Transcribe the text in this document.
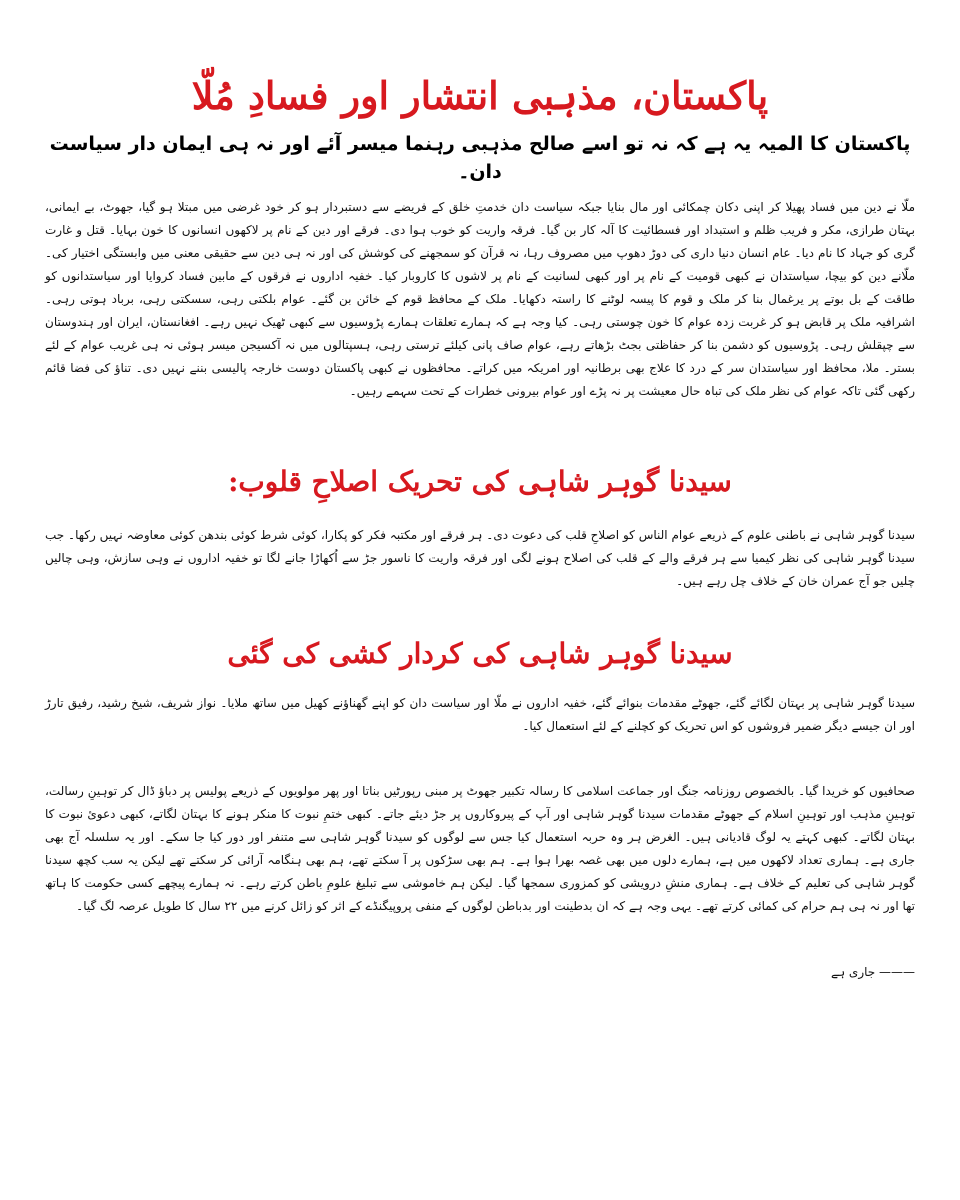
پاکستان، مذہبی انتشار اور فسادِ مُلّا
پاکستان کا المیہ یہ ہے کہ نہ تو اسے صالح مذہبی رہنما میسر آئے اور نہ ہی ایمان دار سیاست دان۔

ملّا نے دین میں فساد پھیلا کر اپنی دکان چمکائی اور مال بنایا جبکہ سیاست دان خدمتِ خلق کے فریضے سے دستبردار ہو کر خود غرضی میں مبتلا ہو گیا، جھوٹ، بے ایمانی، بہتان طرازی، مکر و فریب ظلم و استبداد اور فسطائیت کا آلہ کار بن گیا۔ فرقہ واریت کو خوب ہوا دی۔ فرقے اور دین کے نام پر لاکھوں انسانوں کا خون بہایا۔ قتل و غارت گری کو جہاد کا نام دیا۔ عام انسان دنیا داری کی دوڑ دھوپ میں مصروف رہا، نہ قرآن کو سمجھنے کی کوشش کی اور نہ ہی دین سے حقیقی معنی میں وابستگی اختیار کی۔ ملّانے دین کو بیچا، سیاستدان نے کبھی قومیت کے نام پر اور کبھی لسانیت کے نام پر لاشوں کا کاروبار کیا۔ خفیہ اداروں نے فرقوں کے مابین فساد کروایا اور سیاستدانوں کو طاقت کے بل بوتے پر یرغمال بنا کر ملک و قوم کا پیسہ لوٹنے کا راستہ دکھایا۔ ملک کے محافظ قوم کے خائن بن گئے۔ عوام بلکتی رہی، سسکتی رہی، برباد ہوتی رہی۔ اشرافیہ ملک پر قابض ہو کر غربت زدہ عوام کا خون چوستی رہی۔ کیا وجہ ہے کہ ہمارے تعلقات ہمارے پڑوسیوں سے کبھی ٹھیک نہیں رہے۔ افغانستان، ایران اور ہندوستان سے چپقلش رہی۔ پڑوسیوں کو دشمن بنا کر حفاظتی بجٹ بڑھاتے رہے، عوام صاف پانی کیلئے ترستی رہی، ہسپتالوں میں نہ آکسیجن میسر ہوئی نہ ہی غریب عوام کے لئے بستر۔ ملا، محافظ اور سیاستدان سر کے درد کا علاج بھی برطانیہ اور امریکہ میں کراتے۔ محافظوں نے کبھی پاکستان دوست خارجہ پالیسی بننے نہیں دی۔ تناؤ کی فضا قائم رکھی گئی تاکہ عوام کی نظر ملک کی تباہ حال معیشت پر نہ پڑے اور عوام بیرونی خطرات کے تحت سہمے رہیں۔

سیدنا گوہر شاہی کی تحریک اصلاحِ قلوب:

سیدنا گوہر شاہی نے باطنی علوم کے ذریعے عوام الناس کو اصلاحِ قلب کی دعوت دی۔ ہر فرقے اور مکتبہ فکر کو پکارا، کوئی شرط کوئی بندھن کوئی معاوضہ نہیں رکھا۔ جب سیدنا گوہر شاہی کی نظر کیمیا سے ہر فرقے والے کے قلب کی اصلاح ہونے لگی اور فرقہ واریت کا ناسور جڑ سے اُکھاڑا جانے لگا تو خفیہ اداروں نے وہی سازش، وہی چالیں چلیں جو آج عمران خان کے خلاف چل رہے ہیں۔

سیدنا گوہر شاہی کی کردار کشی کی گئی

سیدنا گوہر شاہی پر بہتان لگائے گئے، جھوٹے مقدمات بنوائے گئے، خفیہ اداروں نے ملّا اور سیاست دان کو اپنے گھناؤنے کھیل میں ساتھ ملایا۔ نواز شریف، شیخ رشید، رفیق تارڑ اور ان جیسے دیگر ضمیر فروشوں کو اس تحریک کو کچلنے کے لئے استعمال کیا۔

صحافیوں کو خریدا گیا۔ بالخصوص روزنامہ جنگ اور جماعت اسلامی کا رسالہ تکبیر جھوٹ پر مبنی رپورٹیں بناتا اور پھر مولویوں کے ذریعے پولیس پر دباؤ ڈال کر توہینِ رسالت، توہینِ مذہب اور توہینِ اسلام کے جھوٹے مقدمات سیدنا گوہر شاہی اور آپ کے پیروکاروں پر جڑ دیئے جاتے۔ کبھی ختمِ نبوت کا منکر ہونے کا بہتان لگاتے، کبھی دعوئ نبوت کا بہتان لگاتے۔ کبھی کہتے یہ لوگ قادیانی ہیں۔ الغرض ہر وہ حربہ استعمال کیا جس سے لوگوں کو سیدنا گوہر شاہی سے متنفر اور دور کیا جا سکے۔ اور یہ سلسلہ آج بھی جاری ہے۔ ہماری تعداد لاکھوں میں ہے، ہمارے دلوں میں بھی غصہ بھرا ہوا ہے۔ ہم بھی سڑکوں پر آ سکتے تھے، ہم بھی ہنگامہ آرائی کر سکتے تھے لیکن یہ سب کچھ سیدنا گوہر شاہی کی تعلیم کے خلاف ہے۔ ہماری منشِ درویشی کو کمزوری سمجھا گیا۔ لیکن ہم خاموشی سے تبلیغ علومِ باطن کرتے رہے۔ نہ ہمارے پیچھے کسی حکومت کا ہاتھ تھا اور نہ ہی ہم حرام کی کمائی کرتے تھے۔ یہی وجہ ہے کہ ان بدطینت اور بدباطن لوگوں کے منفی پروپیگنڈے کے اثر کو زائل کرنے میں ۲۲ سال کا طویل عرصہ لگ گیا۔

——— جاری ہے
